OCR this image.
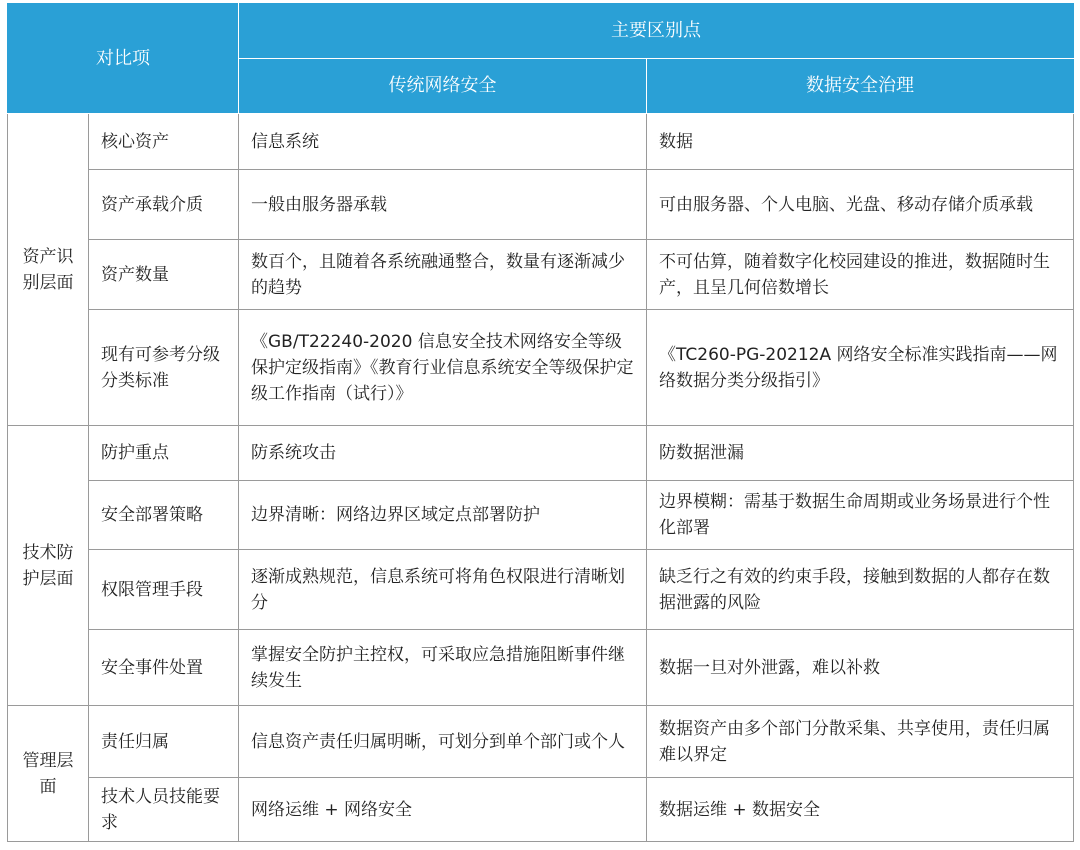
对比项		主要区别点	
		传统网络安全	数据安全治理
资产识别层面	核心资产	信息系统	数据
	资产承载介质	一般由服务器承载	可由服务器、个人电脑、光盘、移动存储介质承载
	资产数量	数百个，且随着各系统融通整合，数量有逐渐减少的趋势	不可估算，随着数字化校园建设的推进，数据随时生产，且呈几何倍数增长
	现有可参考分级分类标准	《GB/T22240-2020 信息安全技术网络安全等级保护定级指南》《教育行业信息系统安全等级保护定级工作指南（试行）》	《TC260-PG-20212A 网络安全标准实践指南——网络数据分类分级指引》
技术防护层面	防护重点	防系统攻击	防数据泄漏
	安全部署策略	边界清晰：网络边界区域定点部署防护	边界模糊：需基于数据生命周期或业务场景进行个性化部署
	权限管理手段	逐渐成熟规范，信息系统可将角色权限进行清晰划分	缺乏行之有效的约束手段，接触到数据的人都存在数据泄露的风险
	安全事件处置	掌握安全防护主控权，可采取应急措施阻断事件继续发生	数据一旦对外泄露，难以补救
管理层面	责任归属	信息资产责任归属明晰，可划分到单个部门或个人	数据资产由多个部门分散采集、共享使用，责任归属难以界定
	技术人员技能要求	网络运维 + 网络安全	数据运维 + 数据安全
